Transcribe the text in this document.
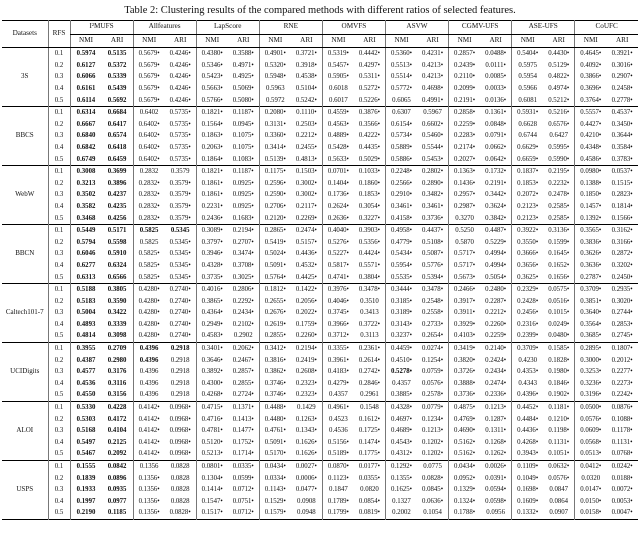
Table 2: Clustering results of the compared methods with different ratios of selected features.
Datasets	RFS	I²MUFS		Allfeatures		LapScore		RNE		OMVFS		ASVW		CGMV-UFS		ASE-UFS		CoUFC	
		NMI	ARI	NMI	ARI	NMI	ARI	NMI	ARI	NMI	ARI	NMI	ARI	NMI	ARI	NMI	ARI	NMI	ARI
3S	0.1	0.5974	0.5135	0.5679•	0.4246•	0.4380•	0.3588•	0.4901•	0.3721•	0.5319•	0.4442•	0.5360•	0.4231•	0.2857•	0.0488•	0.5404•	0.4430•	0.4645•	0.3921•
	0.2	0.6127	0.5372	0.5679•	0.4246•	0.5346•	0.4971•	0.5320•	0.3918•	0.5457•	0.4297•	0.5513•	0.4213•	0.2439•	0.0111•	0.5975	0.5129•	0.4092•	0.3016•
	0.3	0.6066	0.5339	0.5679•	0.4246•	0.5423•	0.4925•	0.5948•	0.4538•	0.5905•	0.5311•	0.5514•	0.4213•	0.2110•	0.0085•	0.5954	0.4822•	0.3866•	0.2907•
	0.4	0.6161	0.5439	0.5679•	0.4246•	0.5663•	0.5069•	0.5963	0.5104•	0.6018	0.5272•	0.5772•	0.4698•	0.2099•	0.0033•	0.5966	0.4974•	0.3696•	0.2458•
	0.5	0.6114	0.5692	0.5679•	0.4246•	0.5766•	0.5080•	0.5972	0.5242•	0.6017	0.5226•	0.6065	0.4991•	0.2191•	0.0136•	0.6081	0.5212•	0.3764•	0.2778•
BBCS	0.1	0.6314	0.6684	0.6402	0.5735•	0.1821•	0.1187•	0.2080•	0.1110•	0.4559•	0.3876•	0.6307	0.5967	0.2858•	0.1361•	0.5931•	0.5216•	0.5557•	0.4537•
	0.2	0.6667	0.6417	0.6402•	0.5735•	0.1564•	0.0945•	0.3131•	0.2503•	0.4563•	0.3566•	0.6154•	0.6602•	0.2259•	0.0848•	0.6628	0.6576•	0.4427•	0.3450•
	0.3	0.6840	0.6574	0.6402•	0.5735•	0.1863•	0.1075•	0.3360•	0.2212•	0.4889•	0.4222•	0.5734•	0.5460•	0.2283•	0.0791•	0.6744	0.6427	0.4210•	0.3644•
	0.4	0.6842	0.6418	0.6402•	0.5735•	0.2063•	0.1075•	0.3414•	0.2455•	0.5428•	0.4435•	0.5889•	0.5544•	0.2174•	0.0662•	0.6629•	0.5995•	0.4348•	0.3584•
	0.5	0.6749	0.6459	0.6402•	0.5735•	0.1864•	0.1083•	0.5139•	0.4813•	0.5633•	0.5029•	0.5886•	0.5453•	0.2027•	0.0642•	0.6659•	0.5990•	0.4586•	0.3783•
WebW	0.1	0.3008	0.3699	0.2832	0.3579	0.1821•	0.1187•	0.1175•	0.1503•	0.0701•	0.1033•	0.2248•	0.2802•	0.1363•	0.1732•	0.1837•	0.2195•	0.0980•	0.0537•
	0.2	0.3213	0.3896	0.2832•	0.3579•	0.1861•	0.0925•	0.2596•	0.3002•	0.1404•	0.1860•	0.2566•	0.2890•	0.1436•	0.2191•	0.1853•	0.2232•	0.1388•	0.1515•
	0.3	0.3502	0.4237	0.2832•	0.3579•	0.1861•	0.0925•	0.2590•	0.3002•	0.1736•	0.1853•	0.2910•	0.3482•	0.2957•	0.3442•	0.2072•	0.2478•	0.1850•	0.2823•
	0.4	0.3582	0.4235	0.2832•	0.3579•	0.2231•	0.0925•	0.2706•	0.2117•	0.2624•	0.3054•	0.3461•	0.3461•	0.2987•	0.3624•	0.2123•	0.2585•	0.1457•	0.1814•
	0.5	0.3468	0.4256	0.2832•	0.3579•	0.2436•	0.1683•	0.2120•	0.2269•	0.2636•	0.3227•	0.4158•	0.3736•	0.3270	0.3842•	0.2123•	0.2585•	0.1392•	0.1566•
BBCN	0.1	0.5449	0.5171	0.5825	0.5345	0.3089•	0.2194•	0.2865•	0.2474•	0.4040•	0.3903•	0.4958•	0.4437•	0.5250	0.4487•	0.3922•	0.3136•	0.3565•	0.3162•
	0.2	0.5794	0.5598	0.5825	0.5345•	0.3797•	0.2707•	0.5419•	0.5157•	0.5276•	0.5356•	0.4779•	0.5108•	0.5870	0.5229•	0.3550•	0.1599•	0.3836•	0.3166•
	0.3	0.6046	0.5910	0.5825•	0.5345•	0.3946•	0.3474•	0.5024•	0.4436•	0.5227•	0.4424•	0.5434•	0.5087•	0.5717•	0.4994•	0.3666•	0.1645•	0.3626•	0.2872•
	0.4	0.6277	0.6324	0.5825•	0.5345•	0.4328•	0.3708•	0.5091•	0.4532•	0.5817•	0.5571•	0.5954•	0.5776•	0.5717•	0.4994•	0.3656•	0.1652•	0.3636•	0.3202•
	0.5	0.6313	0.6566	0.5825•	0.5345•	0.3735•	0.3025•	0.5764•	0.4425•	0.4741•	0.3804•	0.5535•	0.5394•	0.5673•	0.5054•	0.3625•	0.1656•	0.2787•	0.2450•
Caltech101-7	0.1	0.5188	0.3805	0.4280•	0.2740•	0.4016•	0.2806•	0.1812•	0.1422•	0.3976•	0.3478•	0.3444•	0.3478•	0.2466•	0.2480•	0.2329•	0.0575•	0.3709•	0.2935•
	0.2	0.5183	0.3590	0.4280•	0.2740•	0.3865•	0.2292•	0.2655•	0.2056•	0.4046•	0.3510	0.3185•	0.2548•	0.3917•	0.2287•	0.2428•	0.0516•	0.3851•	0.3020•
	0.3	0.5004	0.3422	0.4280•	0.2740•	0.4364•	0.2434•	0.2676•	0.2022•	0.3745•	0.3413	0.3189•	0.2558•	0.3911•	0.2212•	0.2456•	0.1015•	0.3640•	0.2744•
	0.4	0.4893	0.3339	0.4280•	0.2740•	0.2949•	0.2102•	0.2619•	0.1759•	0.3966•	0.3722•	0.3143•	0.2733•	0.3929•	0.2260•	0.2316•	0.0249•	0.3564•	0.2853•
	0.5	0.4814	0.3098	0.4280•	0.2740•	0.4583•	0.2902	0.2855•	0.2260•	0.3712•	0.3113	0.3237•	0.2654•	0.4103•	0.2259•	0.2399•	0.0480•	0.3685•	0.2745•
UCIDigits	0.1	0.3955	0.2709	0.4396	0.2918	0.3401•	0.2062•	0.3412•	0.2194•	0.3355•	0.2361•	0.4459•	0.0274•	0.3419•	0.2140•	0.3709•	0.1585•	0.2895•	0.1807•
	0.2	0.4387	0.2980	0.4396	0.2918	0.3646•	0.2467•	0.3816•	0.2419•	0.3961•	0.2614•	0.4510•	0.1254•	0.3820•	0.2424•	0.4230	0.1828•	0.3000•	0.2012•
	0.3	0.4577	0.3176	0.4396	0.2918	0.3892•	0.2857•	0.3862•	0.2608•	0.4183•	0.2742•	0.5278•	0.0759•	0.3726•	0.2434•	0.4353•	0.1980•	0.3253•	0.2277•
	0.4	0.4536	0.3116	0.4396	0.2918	0.4300•	0.2855•	0.3746•	0.2323•	0.4279•	0.2846•	0.4357	0.0576•	0.3888•	0.2474•	0.4343	0.1846•	0.3236•	0.2273•
	0.5	0.4550	0.3156	0.4396	0.2918	0.4268•	0.2724•	0.3746•	0.2323•	0.4357	0.2961	0.3885•	0.2578•	0.3736•	0.2336•	0.4396•	0.1902•	0.3196•	0.2242•
ALOI	0.1	0.5330	0.4228	0.4142•	0.0968•	0.4715•	0.1371•	0.4488•	0.1429	0.4961•	0.1548	0.4328•	0.0779•	0.4875•	0.1213•	0.4452•	0.1181•	0.0500•	0.0876•
	0.2	0.5303	0.4172	0.4142•	0.0968•	0.4716•	0.1413•	0.4480•	0.1263•	0.4523	0.1612•	0.4697•	0.1234•	0.4769•	0.1287•	0.4484•	0.1210•	0.0576•	0.1088•
	0.3	0.5168	0.4104	0.4142•	0.0968•	0.4781•	0.1477•	0.4761•	0.1343•	0.4536	0.1725•	0.4689•	0.1213•	0.4690•	0.1311•	0.4436•	0.1198•	0.0609•	0.1178•
	0.4	0.5497	0.2125	0.4142•	0.0968•	0.5120•	0.1752•	0.5091•	0.1626•	0.5156•	0.1474•	0.4543•	0.1202•	0.5162•	0.1268•	0.4268•	0.1131•	0.0568•	0.1131•
	0.5	0.5467	0.2092	0.4142•	0.0968•	0.5213•	0.1714•	0.5170•	0.1626•	0.5189•	0.1775•	0.4312•	0.1202•	0.5162•	0.1262•	0.3943•	0.1051•	0.0513•	0.0768•
USPS	0.1	0.1555	0.0842	0.1356	0.0828	0.0801•	0.0335•	0.0434•	0.0027•	0.0870•	0.0177•	0.1292•	0.0775	0.0434•	0.0026•	0.1109•	0.0632•	0.0412•	0.0242•
	0.2	0.1839	0.0896	0.1356•	0.0828	0.1304•	0.0599•	0.0334•	0.0006•	0.1123•	0.0355•	0.1355•	0.0828•	0.0952•	0.0391•	0.1049•	0.0576•	0.0320	0.0188•
	0.3	0.1933	0.0935	0.1356•	0.0828	0.1414•	0.0712•	0.1143•	0.0477•	0.1847	0.0820	0.1625•	0.0845•	0.1329•	0.0594•	0.1698•	0.0847	0.0147•	0.0072•
	0.4	0.1997	0.0977	0.1356•	0.0828	0.1547•	0.0751•	0.1529•	0.0908	0.1789•	0.0854•	0.1327	0.0636•	0.1324•	0.0598•	0.1609•	0.0864	0.0150•	0.0053•
	0.5	0.2190	0.1185	0.1356•	0.0828•	0.1517•	0.0712•	0.1579•	0.0948	0.1799•	0.0819•	0.2002	0.1054	0.1788•	0.0956	0.1332•	0.0907	0.0158•	0.0047•
